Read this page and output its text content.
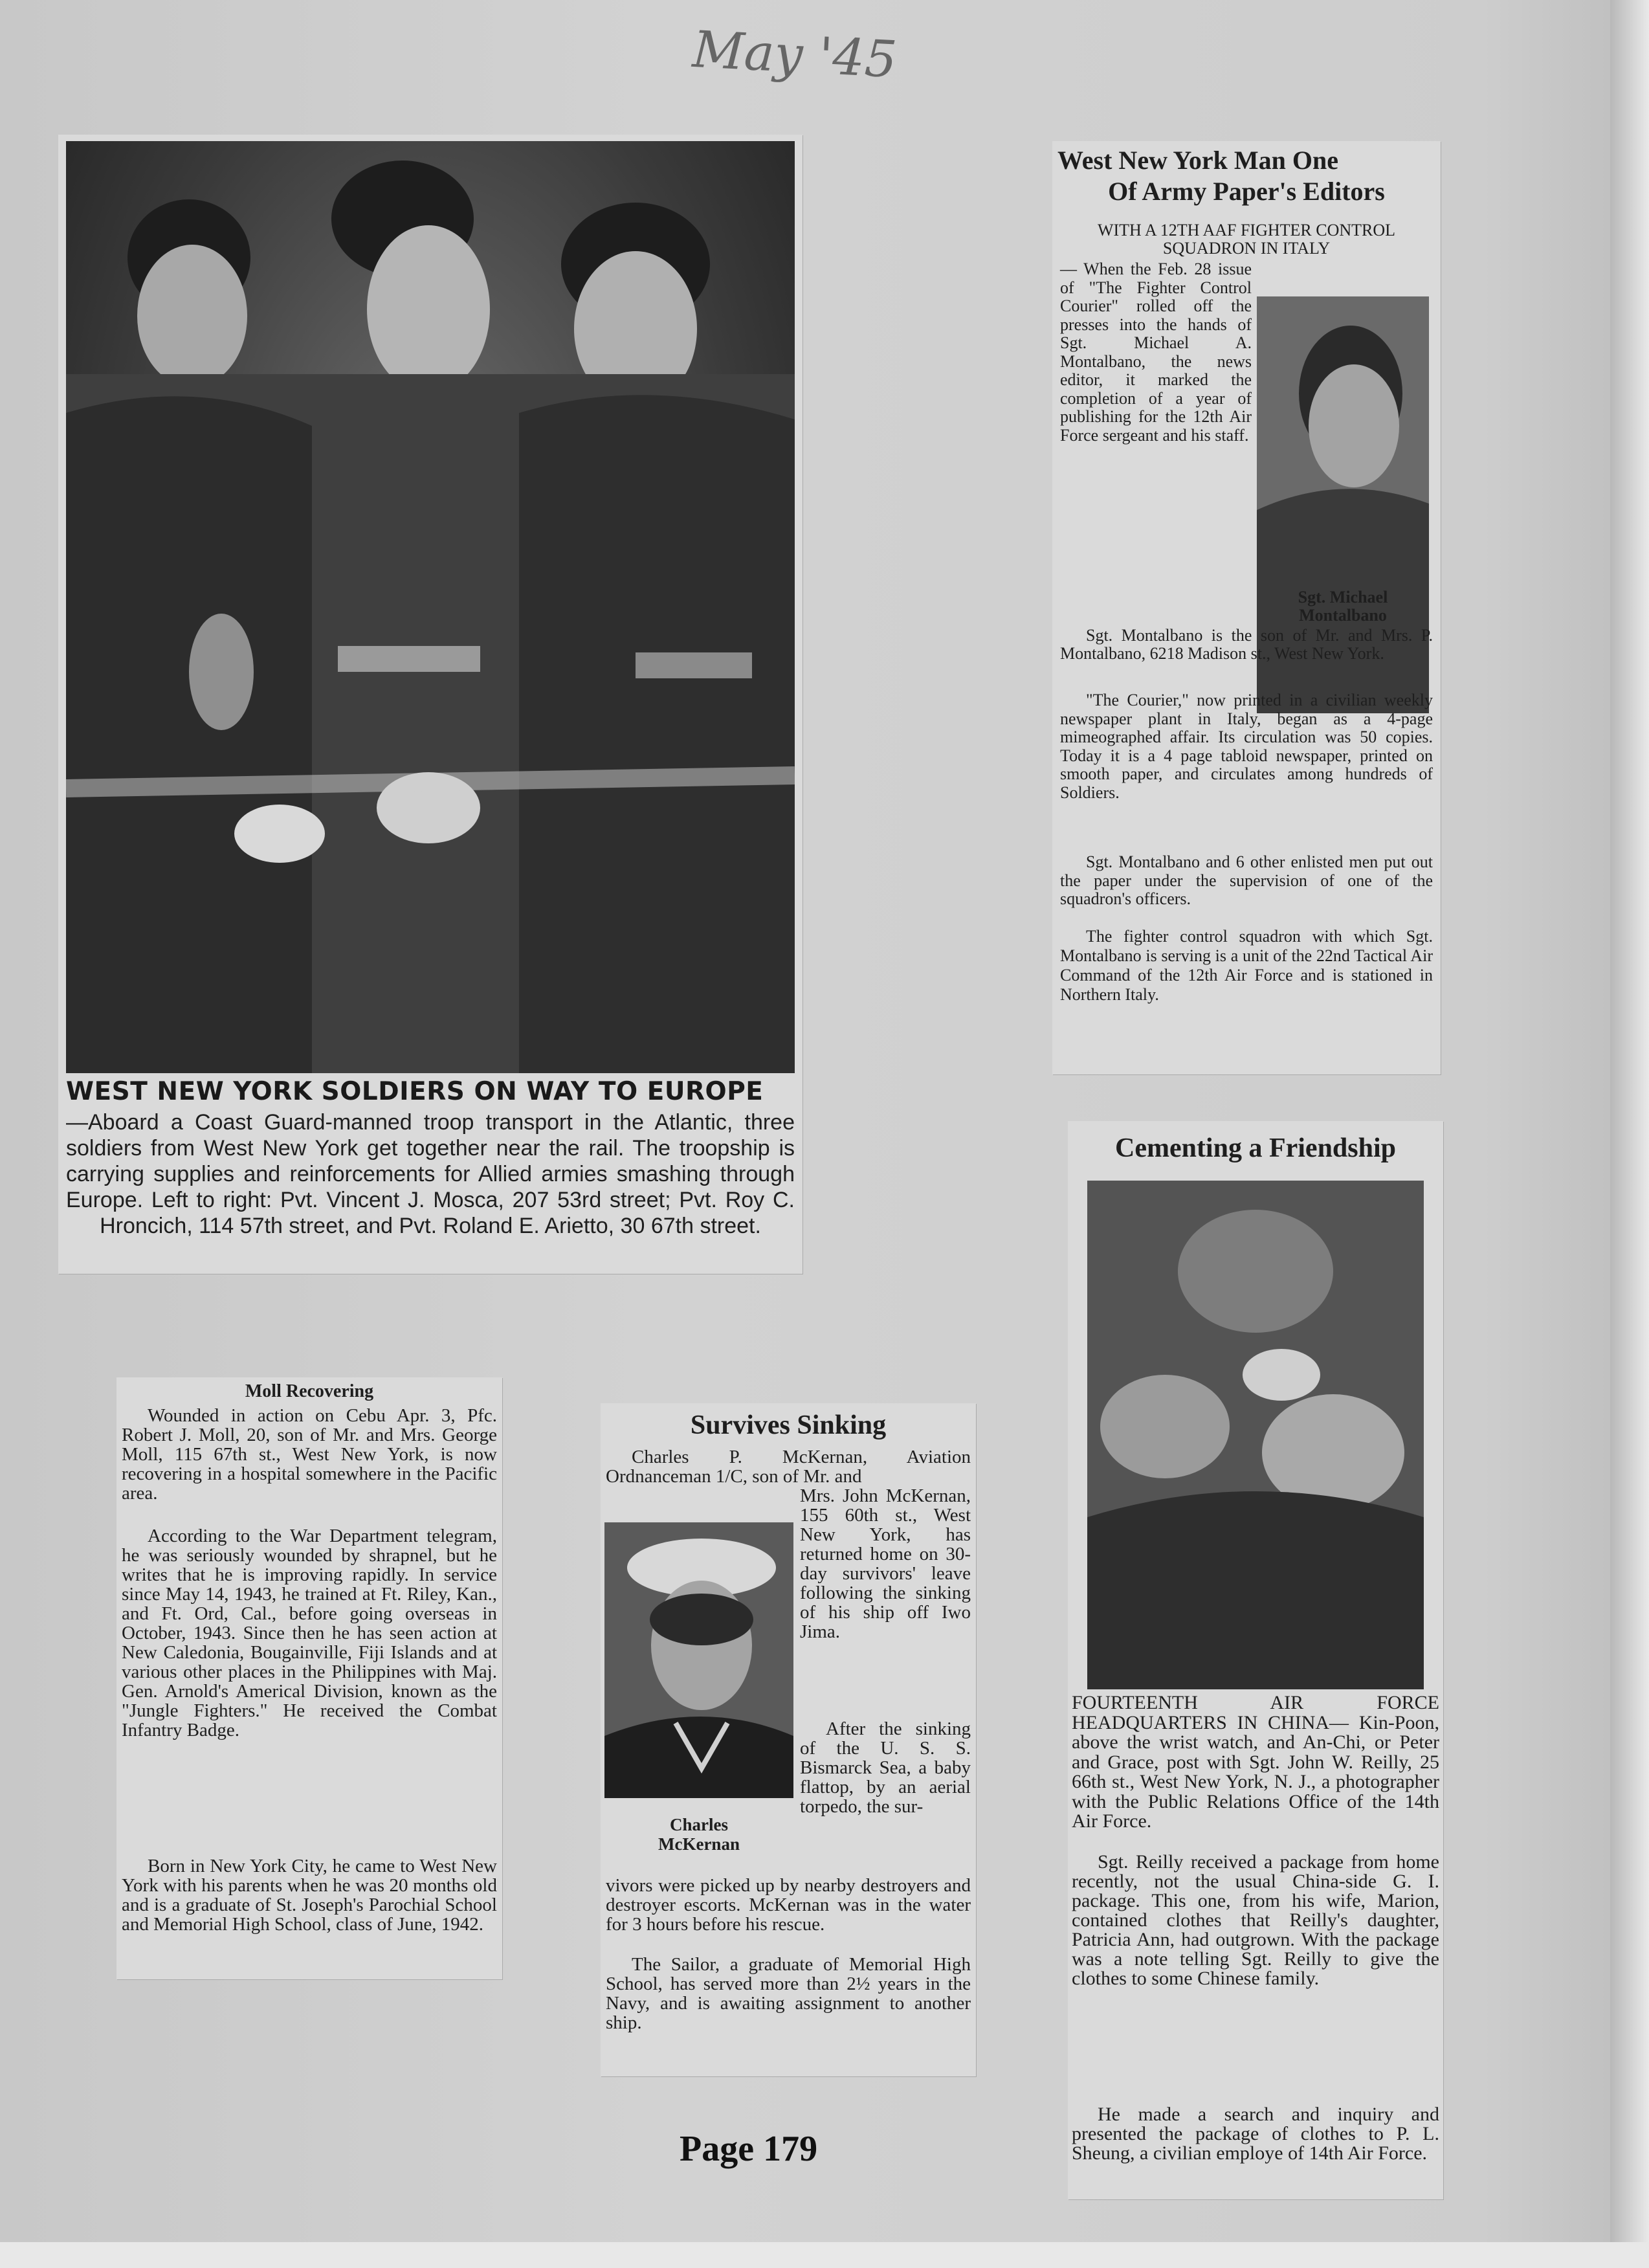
May '45
WEST NEW YORK SOLDIERS ON WAY TO EUROPE

—Aboard a Coast Guard-manned troop transport in the Atlantic, three soldiers from West New York get together near the rail. The troopship is carrying supplies and reinforcements for Allied armies smashing through Europe. Left to right: Pvt. Vincent J. Mosca, 207 53rd street; Pvt. Roy C. Hroncich, 114 57th street, and Pvt. Roland E. Arietto, 30 67th street.

West New York Man One
Of Army Paper's Editors

WITH A 12TH AAF FIGHTER CONTROL SQUADRON IN ITALY

— When the Feb. 28 issue of "The Fighter Control Courier" rolled off the presses into the hands of Sgt. Michael A. Montalbano, the news editor, it marked the completion of a year of publishing for the 12th Air Force sergeant and his staff.

Sgt. Michael
Montalbano

Sgt. Montalbano is the son of Mr. and Mrs. P. Montalbano, 6218 Madison st., West New York.

"The Courier," now printed in a civilian weekly newspaper plant in Italy, began as a 4-page mimeographed affair. Its circulation was 50 copies. Today it is a 4 page tabloid newspaper, printed on smooth paper, and circulates among hundreds of Soldiers.

Sgt. Montalbano and 6 other enlisted men put out the paper under the supervision of one of the squadron's officers.

The fighter control squadron with which Sgt. Montalbano is serving is a unit of the 22nd Tactical Air Command of the 12th Air Force and is stationed in Northern Italy.

Cementing a Friendship

FOURTEENTH AIR FORCE HEADQUARTERS IN CHINA— Kin-Poon, above the wrist watch, and An-Chi, or Peter and Grace, post with Sgt. John W. Reilly, 25 66th st., West New York, N. J., a photographer with the Public Relations Office of the 14th Air Force.

Sgt. Reilly received a package from home recently, not the usual China-side G. I. package. This one, from his wife, Marion, contained clothes that Reilly's daughter, Patricia Ann, had outgrown. With the package was a note telling Sgt. Reilly to give the clothes to some Chinese family.

He made a search and inquiry and presented the package of clothes to P. L. Sheung, a civilian employe of 14th Air Force.

Moll Recovering

Wounded in action on Cebu Apr. 3, Pfc. Robert J. Moll, 20, son of Mr. and Mrs. George Moll, 115 67th st., West New York, is now recovering in a hospital somewhere in the Pacific area.

According to the War Department telegram, he was seriously wounded by shrapnel, but he writes that he is improving rapidly. In service since May 14, 1943, he trained at Ft. Riley, Kan., and Ft. Ord, Cal., before going overseas in October, 1943. Since then he has seen action at New Caledonia, Bougainville, Fiji Islands and at various other places in the Philippines with Maj. Gen. Arnold's Americal Division, known as the "Jungle Fighters." He received the Combat Infantry Badge.

Born in New York City, he came to West New York with his parents when he was 20 months old and is a graduate of St. Joseph's Parochial School and Memorial High School, class of June, 1942.

Survives Sinking

Charles P. McKernan, Aviation Ordnanceman 1/C, son of Mr. and

Mrs. John McKernan, 155 60th st., West New York, has returned home on 30-day survivors' leave following the sinking of his ship off Iwo Jima.

Charles
McKernan

After the sinking of the U. S. S. Bismarck Sea, a baby flattop, by an aerial torpedo, the sur-

vivors were picked up by nearby destroyers and destroyer escorts. McKernan was in the water for 3 hours before his rescue.

The Sailor, a graduate of Memorial High School, has served more than 2½ years in the Navy, and is awaiting assignment to another ship.

Page 179
